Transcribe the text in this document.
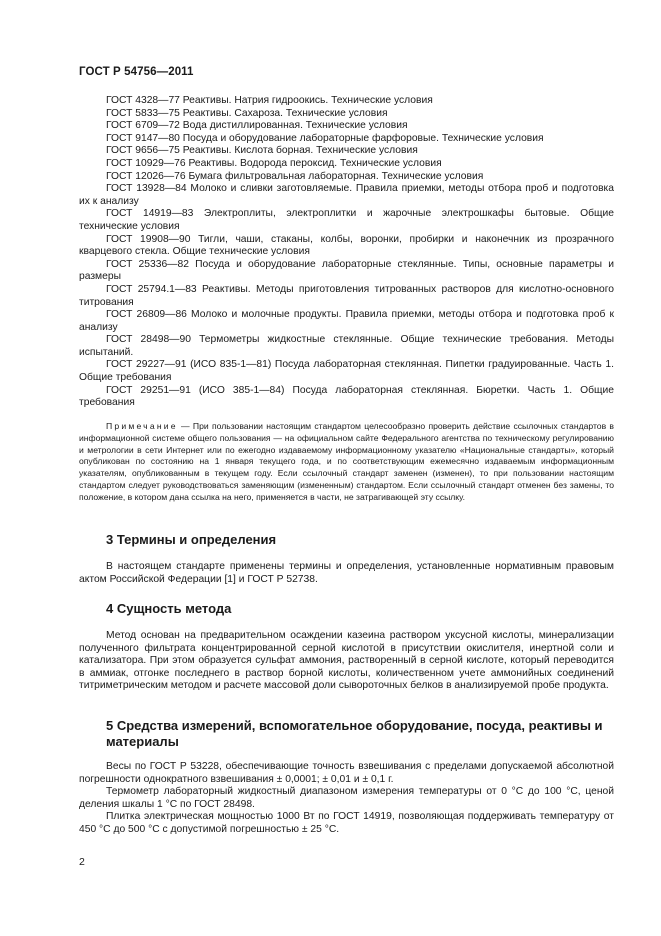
ГОСТ Р 54756—2011

ГОСТ 4328—77 Реактивы. Натрия гидроокись. Технические условия

ГОСТ 5833—75 Реактивы. Сахароза. Технические условия

ГОСТ 6709—72 Вода дистиллированная. Технические условия

ГОСТ 9147—80 Посуда и оборудование лабораторные фарфоровые. Технические условия

ГОСТ 9656—75 Реактивы. Кислота борная. Технические условия

ГОСТ 10929—76 Реактивы. Водорода пероксид. Технические условия

ГОСТ 12026—76 Бумага фильтровальная лабораторная. Технические условия

ГОСТ 13928—84 Молоко и сливки заготовляемые. Правила приемки, методы отбора проб и подготовка их к анализу

ГОСТ 14919—83 Электроплиты, электроплитки и жарочные электрошкафы бытовые. Общие технические условия

ГОСТ 19908—90 Тигли, чаши, стаканы, колбы, воронки, пробирки и наконечник из прозрачного кварцевого стекла. Общие технические условия

ГОСТ 25336—82 Посуда и оборудование лабораторные стеклянные. Типы, основные параметры и размеры

ГОСТ 25794.1—83 Реактивы. Методы приготовления титрованных растворов для кислотно-основного титрования

ГОСТ 26809—86 Молоко и молочные продукты. Правила приемки, методы отбора и подготовка проб к анализу

ГОСТ 28498—90 Термометры жидкостные стеклянные. Общие технические требования. Методы испытаний.

ГОСТ 29227—91 (ИСО 835-1—81) Посуда лабораторная стеклянная. Пипетки градуированные. Часть 1. Общие требования

ГОСТ 29251—91 (ИСО 385-1—84) Посуда лабораторная стеклянная. Бюретки. Часть 1. Общие требования

Примечание — При пользовании настоящим стандартом целесообразно проверить действие ссылочных стандартов в информационной системе общего пользования — на официальном сайте Федерального агентства по техническому регулированию и метрологии в сети Интернет или по ежегодно издаваемому информационному указателю «Национальные стандарты», который опубликован по состоянию на 1 января текущего года, и по соответствующим ежемесячно издаваемым информационным указателям, опубликованным в текущем году. Если ссылочный стандарт заменен (изменен), то при пользовании настоящим стандартом следует руководствоваться заменяющим (измененным) стандартом. Если ссылочный стандарт отменен без замены, то положение, в котором дана ссылка на него, применяется в части, не затрагивающей эту ссылку.

3 Термины и определения

В настоящем стандарте применены термины и определения, установленные нормативным правовым актом Российской Федерации [1] и ГОСТ Р 52738.

4 Сущность метода

Метод основан на предварительном осаждении казеина раствором уксусной кислоты, минерализации полученного фильтрата концентрированной серной кислотой в присутствии окислителя, инертной соли и катализатора. При этом образуется сульфат аммония, растворенный в серной кислоте, который переводится в аммиак, отгонке последнего в раствор борной кислоты, количественном учете аммонийных соединений титриметрическим методом и расчете массовой доли сывороточных белков в анализируемой пробе продукта.

5 Средства измерений, вспомогательное оборудование, посуда, реактивы и материалы

Весы по ГОСТ Р 53228, обеспечивающие точность взвешивания с пределами допускаемой абсолютной погрешности однократного взвешивания ± 0,0001; ± 0,01 и ± 0,1 г.

Термометр лабораторный жидкостный диапазоном измерения температуры от 0 °С до 100 °С, ценой деления шкалы 1 °С по ГОСТ 28498.

Плитка электрическая мощностью 1000 Вт по ГОСТ 14919, позволяющая поддерживать температуру от 450 °С до 500 °С с допустимой погрешностью ± 25 °С.

2
